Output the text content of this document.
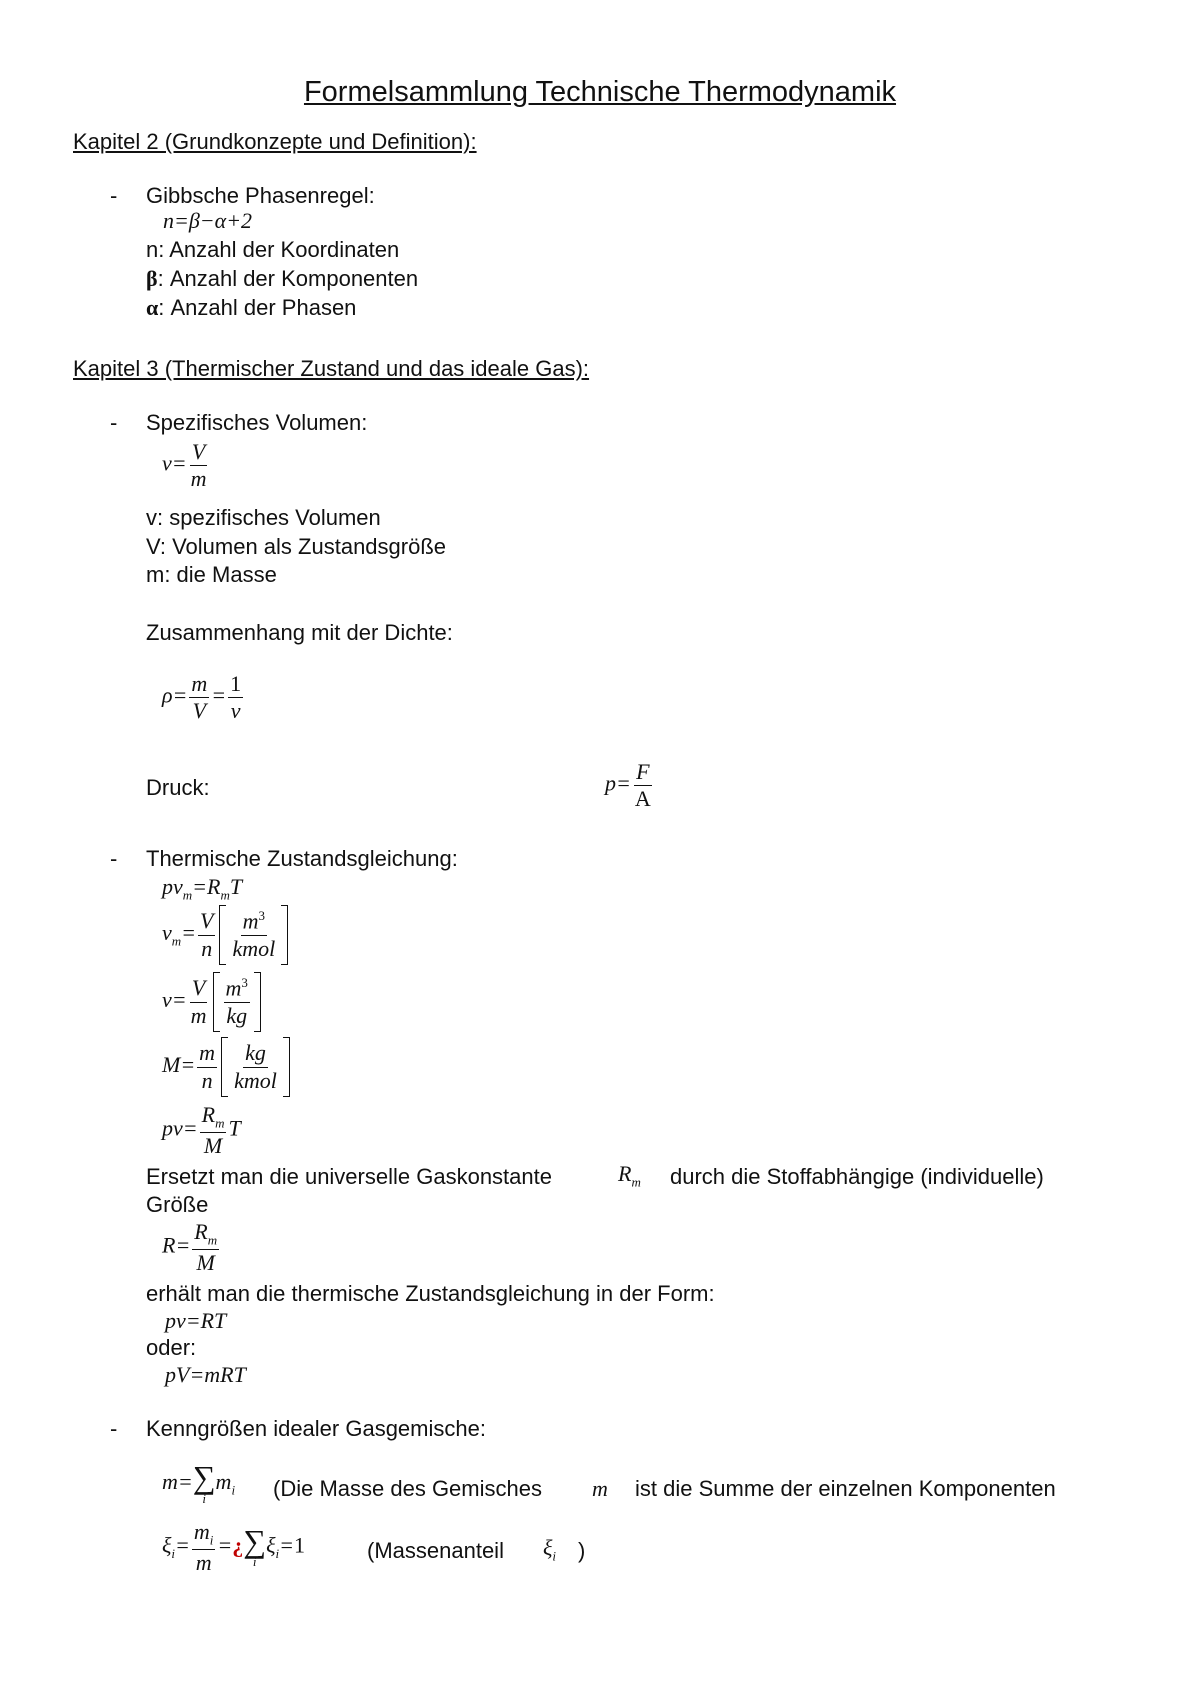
Formelsammlung Technische Thermodynamik
Kapitel 2 (Grundkonzepte und Definition):
- Gibbsche Phasenregel:
n=β−α+2
n: Anzahl der Koordinaten
β: Anzahl der Komponenten
α: Anzahl der Phasen
Kapitel 3 (Thermischer Zustand und das ideale Gas):
- Spezifisches Volumen:
$v= \frac{V}{m}$
v: spezifisches Volumen
V: Volumen als Zustandsgröße
m: die Masse
Zusammenhang mit der Dichte:
$\rho= \frac{m}{V} = \frac{1}{v}$
Druck:	$p= \frac{F}{A}$
- Thermische Zustandsgleichung:
$pv_m=R_mT$
$v_m= \frac{V}{n} \frac{m^3}{\text{kmol}}$
$v= \frac{V}{m} \frac{m^3}{kg}$
$M= \frac{m}{n} \frac{kg}{\text{kmol}}$
$pv= \frac{R_m}{M}$ T
Ersetzt man die universelle Gaskonstante	$R_m$ durch die Stoffabhängige (individuelle)
Größe
$R= \frac{R_m}{M}$
erhält man die thermische Zustandsgleichung in der Form:
pv=RT
oder:
pV=mRT
- Kenngrößen idealer Gasgemische:
m= ∑
i
$m_i$ (Die Masse des Gemisches m ist die Summe der einzelnen Komponenten
$\xi_i= \frac{m_i}{m}$ =¿ ∑
i
$\xi_i=1$	(Massenanteil $\xi_i$ )
